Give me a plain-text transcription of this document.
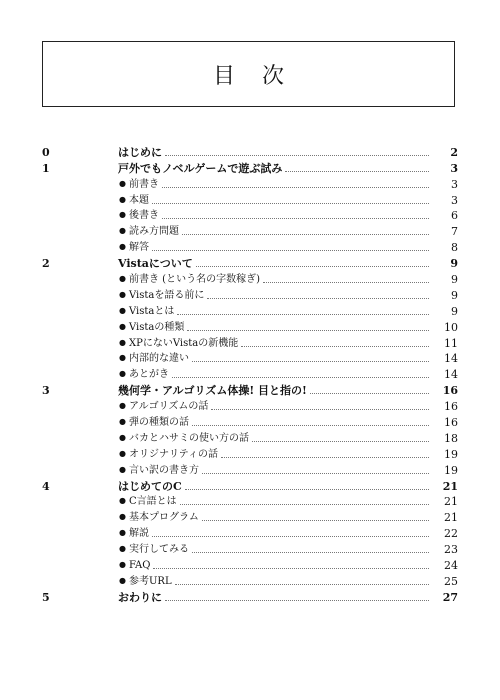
目 次
0	はじめに	2
1	戸外でもノベルゲームで遊ぶ試み	3
● 前書き	3
● 本題	3
● 後書き	6
● 読み方問題	7
● 解答	8
2	Vistaについて	9
● 前書き (という名の字数稼ぎ)	9
● Vistaを語る前に	9
● Vistaとは	9
● Vistaの種類	10
● XPにないVistaの新機能	11
● 内部的な違い	14
● あとがき	14
3	幾何学・アルゴリズム体操! 目と指の!	16
● アルゴリズムの話	16
● 弾の種類の話	16
● バカとハサミの使い方の話	18
● オリジナリティの話	19
● 言い訳の書き方	19
4	はじめてのC	21
● C言語とは	21
● 基本プログラム	21
● 解説	22
● 実行してみる	23
● FAQ	24
● 参考URL	25
5	おわりに	27
